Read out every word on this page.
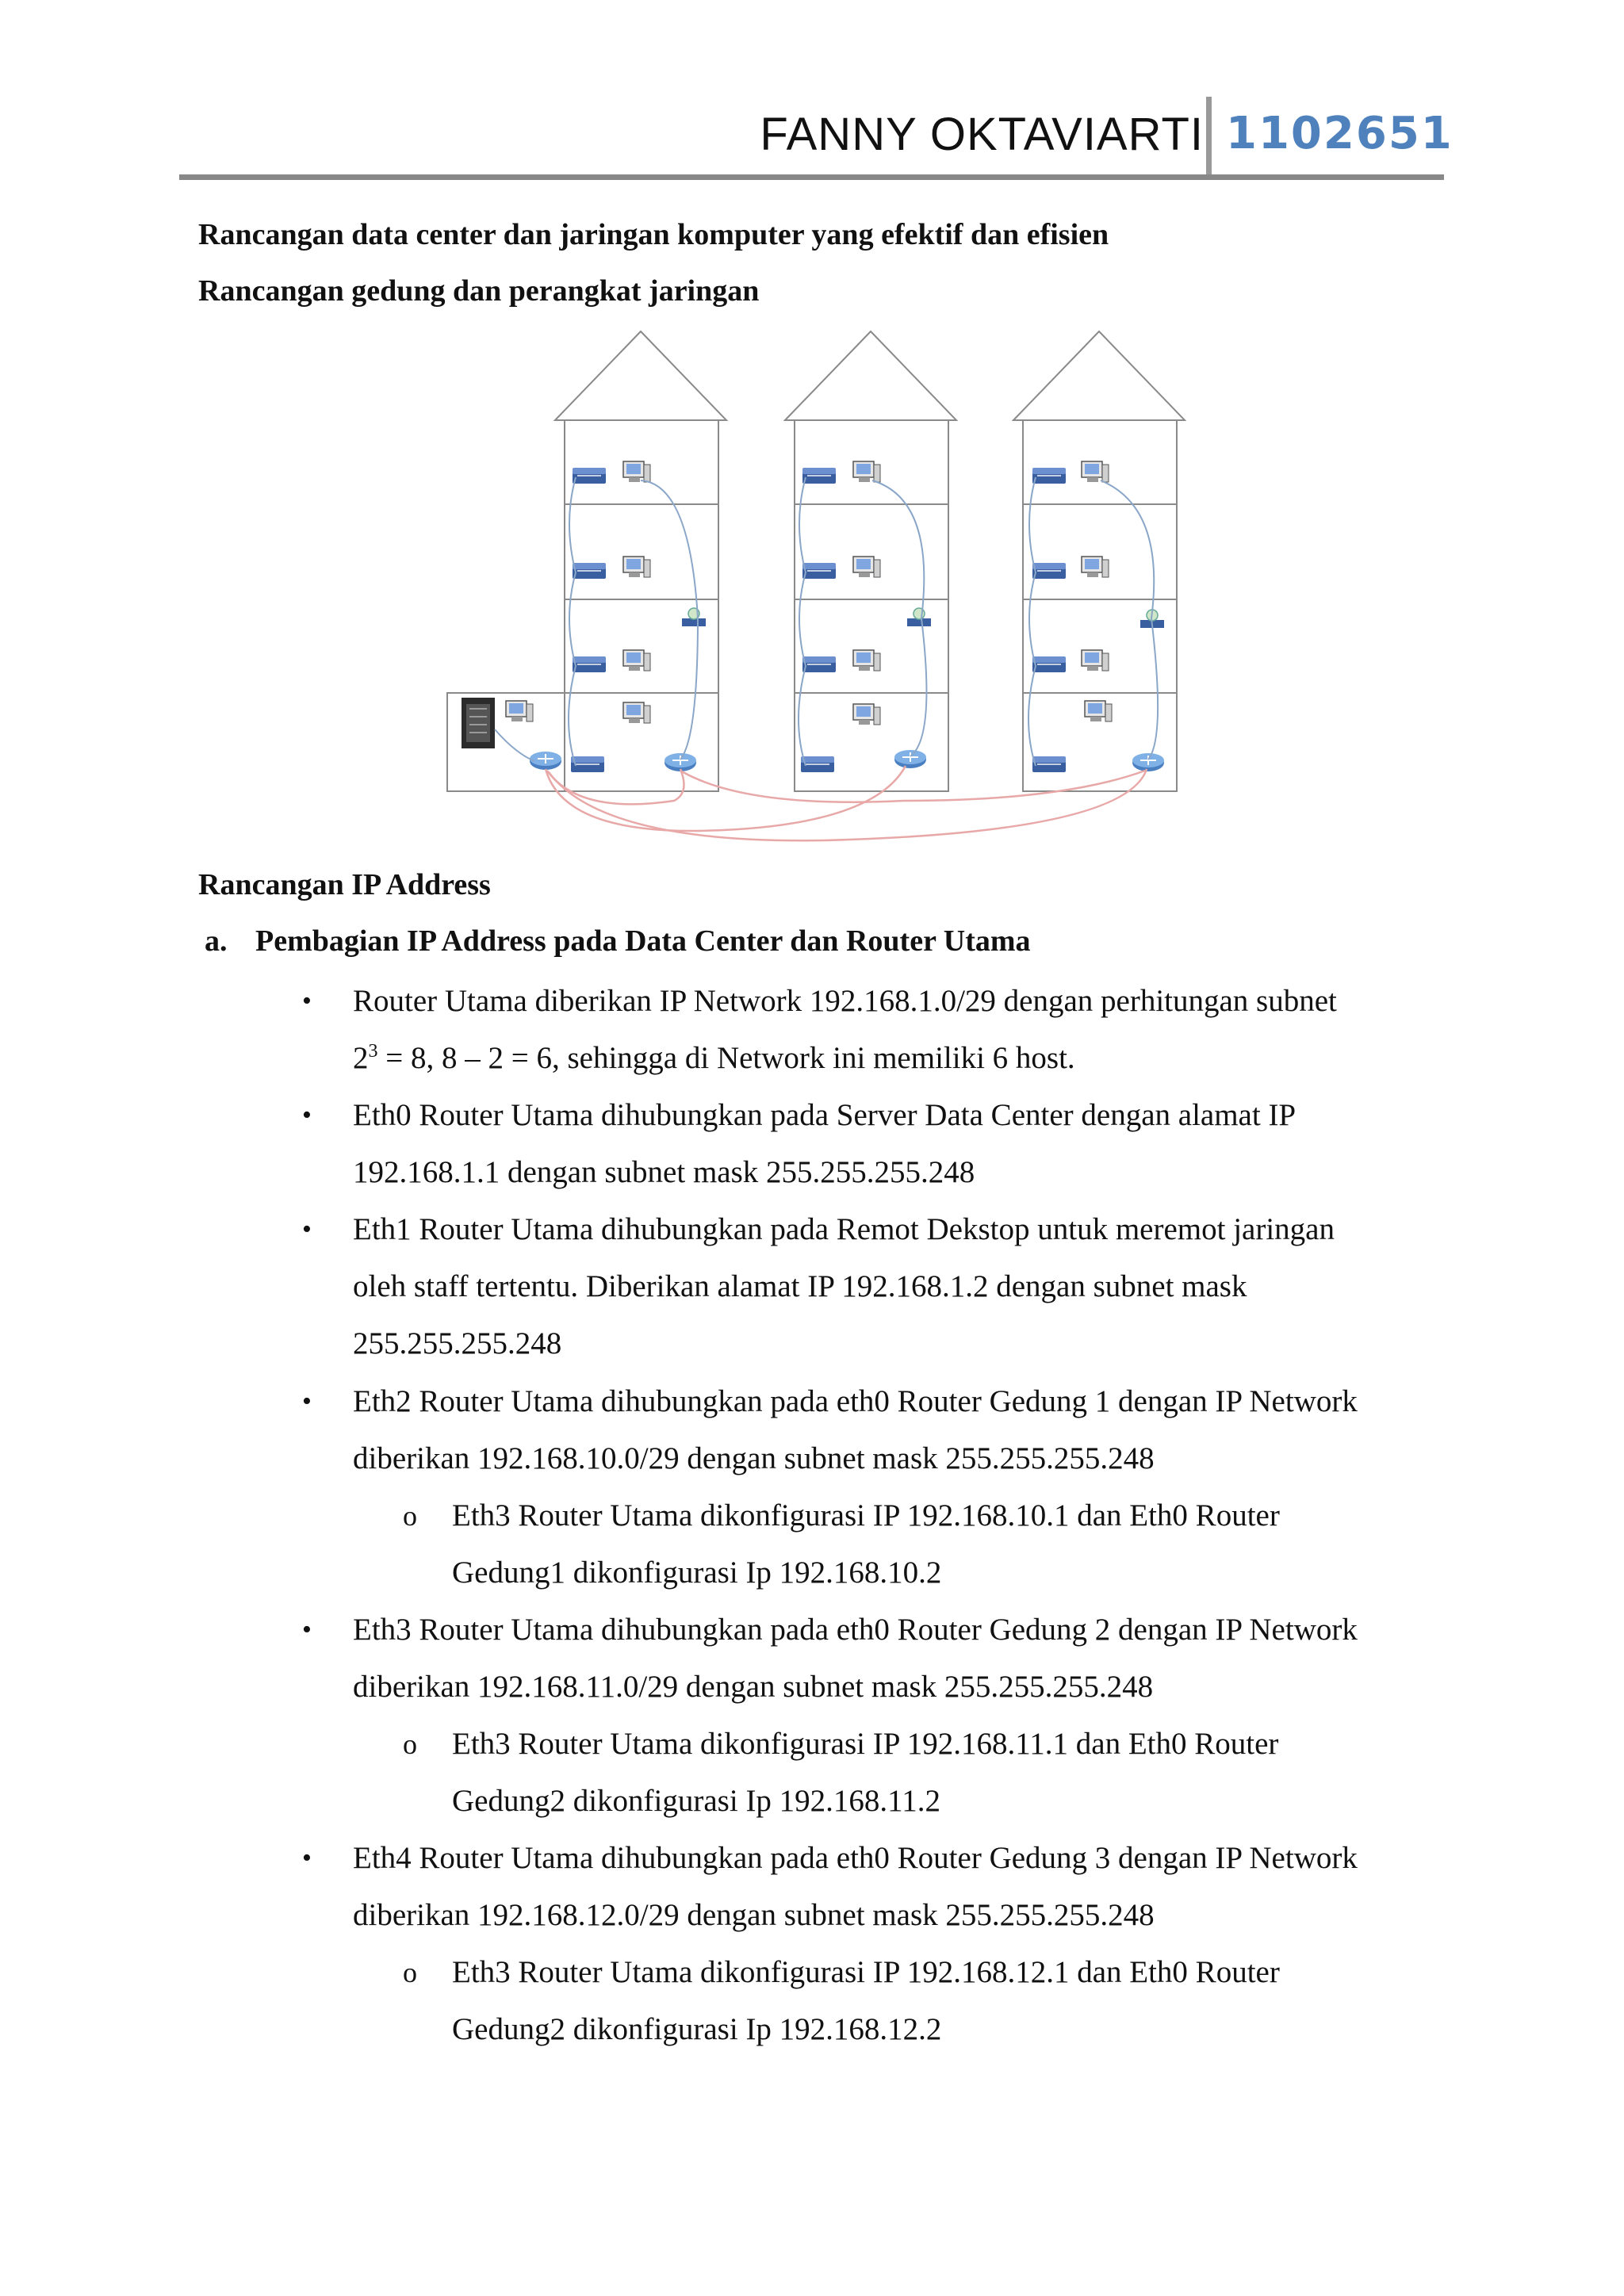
FANNY OKTAVIARTI 1102651
Rancangan data center dan jaringan komputer yang efektif dan efisien
Rancangan gedung dan perangkat jaringan
Rancangan IP Address
a. Pembagian IP Address pada Data Center dan Router Utama
• Router Utama diberikan IP Network 192.168.1.0/29 dengan perhitungan subnet
$2^3 = 8$, 8 – 2 = 6, sehingga di Network ini memiliki 6 host.
• Eth0 Router Utama dihubungkan pada Server Data Center dengan alamat IP
192.168.1.1 dengan subnet mask 255.255.255.248
• Eth1 Router Utama dihubungkan pada Remot Dekstop untuk meremot jaringan
oleh staff tertentu. Diberikan alamat IP 192.168.1.2 dengan subnet mask
255.255.255.248
• Eth2 Router Utama dihubungkan pada eth0 Router Gedung 1 dengan IP Network
diberikan 192.168.10.0/29 dengan subnet mask 255.255.255.248
o Eth3 Router Utama dikonfigurasi IP 192.168.10.1 dan Eth0 Router
Gedung1 dikonfigurasi Ip 192.168.10.2
• Eth3 Router Utama dihubungkan pada eth0 Router Gedung 2 dengan IP Network
diberikan 192.168.11.0/29 dengan subnet mask 255.255.255.248
o Eth3 Router Utama dikonfigurasi IP 192.168.11.1 dan Eth0 Router
Gedung2 dikonfigurasi Ip 192.168.11.2
• Eth4 Router Utama dihubungkan pada eth0 Router Gedung 3 dengan IP Network
diberikan 192.168.12.0/29 dengan subnet mask 255.255.255.248
o Eth3 Router Utama dikonfigurasi IP 192.168.12.1 dan Eth0 Router
Gedung2 dikonfigurasi Ip 192.168.12.2
